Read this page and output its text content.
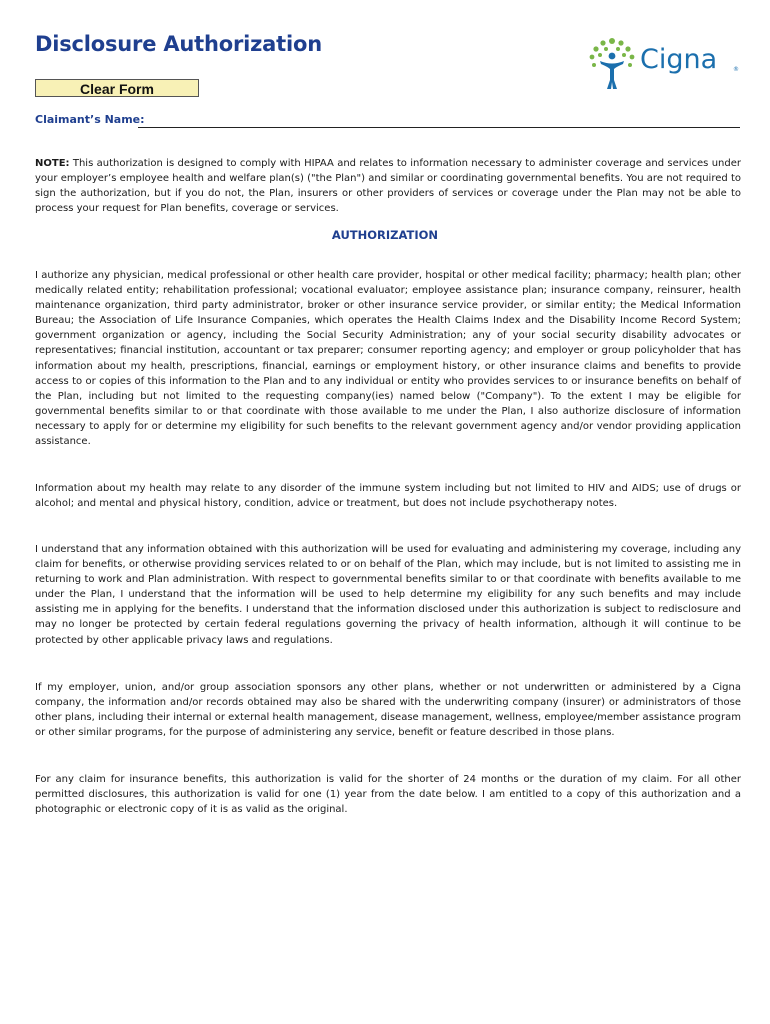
Disclosure Authorization	Cigna	®
Clear Form
Claimant’s Name:

NOTE: This authorization is designed to comply with HIPAA and relates to information necessary to administer coverage and services under your employer’s employee health and welfare plan(s) ("the Plan") and similar or coordinating governmental benefits. You are not required to sign the authorization, but if you do not, the Plan, insurers or other providers of services or coverage under the Plan may not be able to process your request for Plan benefits, coverage or services.

AUTHORIZATION

I authorize any physician, medical professional or other health care provider, hospital or other medical facility; pharmacy; health plan; other medically related entity; rehabilitation professional; vocational evaluator; employee assistance plan; insurance company, reinsurer, health maintenance organization, third party administrator, broker or other insurance service provider, or similar entity; the Medical Information Bureau; the Association of Life Insurance Companies, which operates the Health Claims Index and the Disability Income Record System; government organization or agency, including the Social Security Administration; any of your social security disability advocates or representatives; financial institution, accountant or tax preparer; consumer reporting agency; and employer or group policyholder that has information about my health, prescriptions, financial, earnings or employment history, or other insurance claims and benefits to provide access to or copies of this information to the Plan and to any individual or entity who provides services to or insurance benefits on behalf of the Plan, including but not limited to the requesting company(ies) named below ("Company"). To the extent I may be eligible for governmental benefits similar to or that coordinate with those available to me under the Plan, I also authorize disclosure of information necessary to apply for or determine my eligibility for such benefits to the relevant government agency and/or vendor providing application assistance.

Information about my health may relate to any disorder of the immune system including but not limited to HIV and AIDS; use of drugs or alcohol; and mental and physical history, condition, advice or treatment, but does not include psychotherapy notes.

I understand that any information obtained with this authorization will be used for evaluating and administering my coverage, including any claim for benefits, or otherwise providing services related to or on behalf of the Plan, which may include, but is not limited to assisting me in returning to work and Plan administration. With respect to governmental benefits similar to or that coordinate with benefits available to me under the Plan, I understand that the information will be used to help determine my eligibility for any such benefits and may include assisting me in applying for the benefits. I understand that the information disclosed under this authorization is subject to redisclosure and may no longer be protected by certain federal regulations governing the privacy of health information, although it will continue to be protected by other applicable privacy laws and regulations.

If my employer, union, and/or group association sponsors any other plans, whether or not underwritten or administered by a Cigna company, the information and/or records obtained may also be shared with the underwriting company (insurer) or administrators of those other plans, including their internal or external health management, disease management, wellness, employee/member assistance program or other similar programs, for the purpose of administering any service, benefit or feature described in those plans.

For any claim for insurance benefits, this authorization is valid for the shorter of 24 months or the duration of my claim. For all other permitted disclosures, this authorization is valid for one (1) year from the date below. I am entitled to a copy of this authorization and a photographic or electronic copy of it is as valid as the original.
